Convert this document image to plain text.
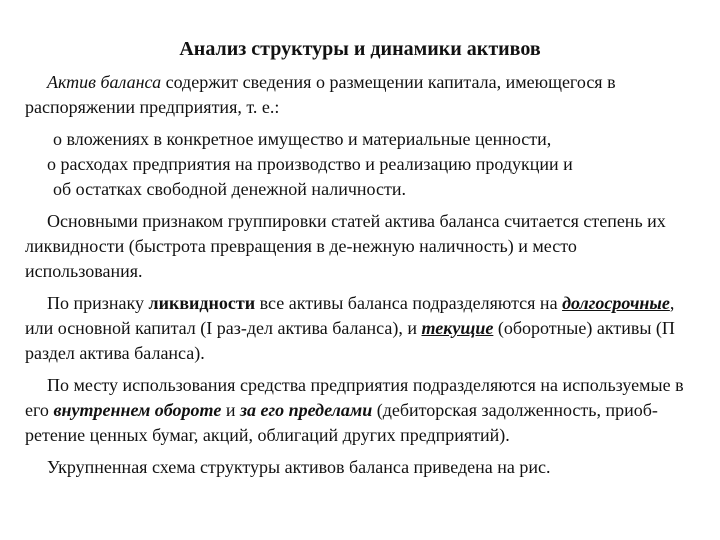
Анализ структуры и динамики активов

Актив баланса содержит сведения о размещении капитала, имеющегося в распоряжении предприятия, т. е.:

о вложениях в конкретное имущество и материальные ценности,
о расходах предприятия на производство и реализацию продукции и
об остатках свободной денежной наличности.

Основными признаком группировки статей актива баланса считается степень их ликвидности (быстрота превращения в де-нежную наличность) и место использования.

По признаку ликвидности все активы баланса подразделяются на долгосрочные, или основной капитал (I раз-дел актива баланса), и текущие (оборотные) активы (П раздел актива баланса).

По месту использования средства предприятия подразделяются на используемые в его внутреннем обороте и за его пределами (дебиторская задолженность, приоб-ретение ценных бумаг, акций, облигаций других предприятий).

Укрупненная схема структуры активов баланса приведена на рис.
